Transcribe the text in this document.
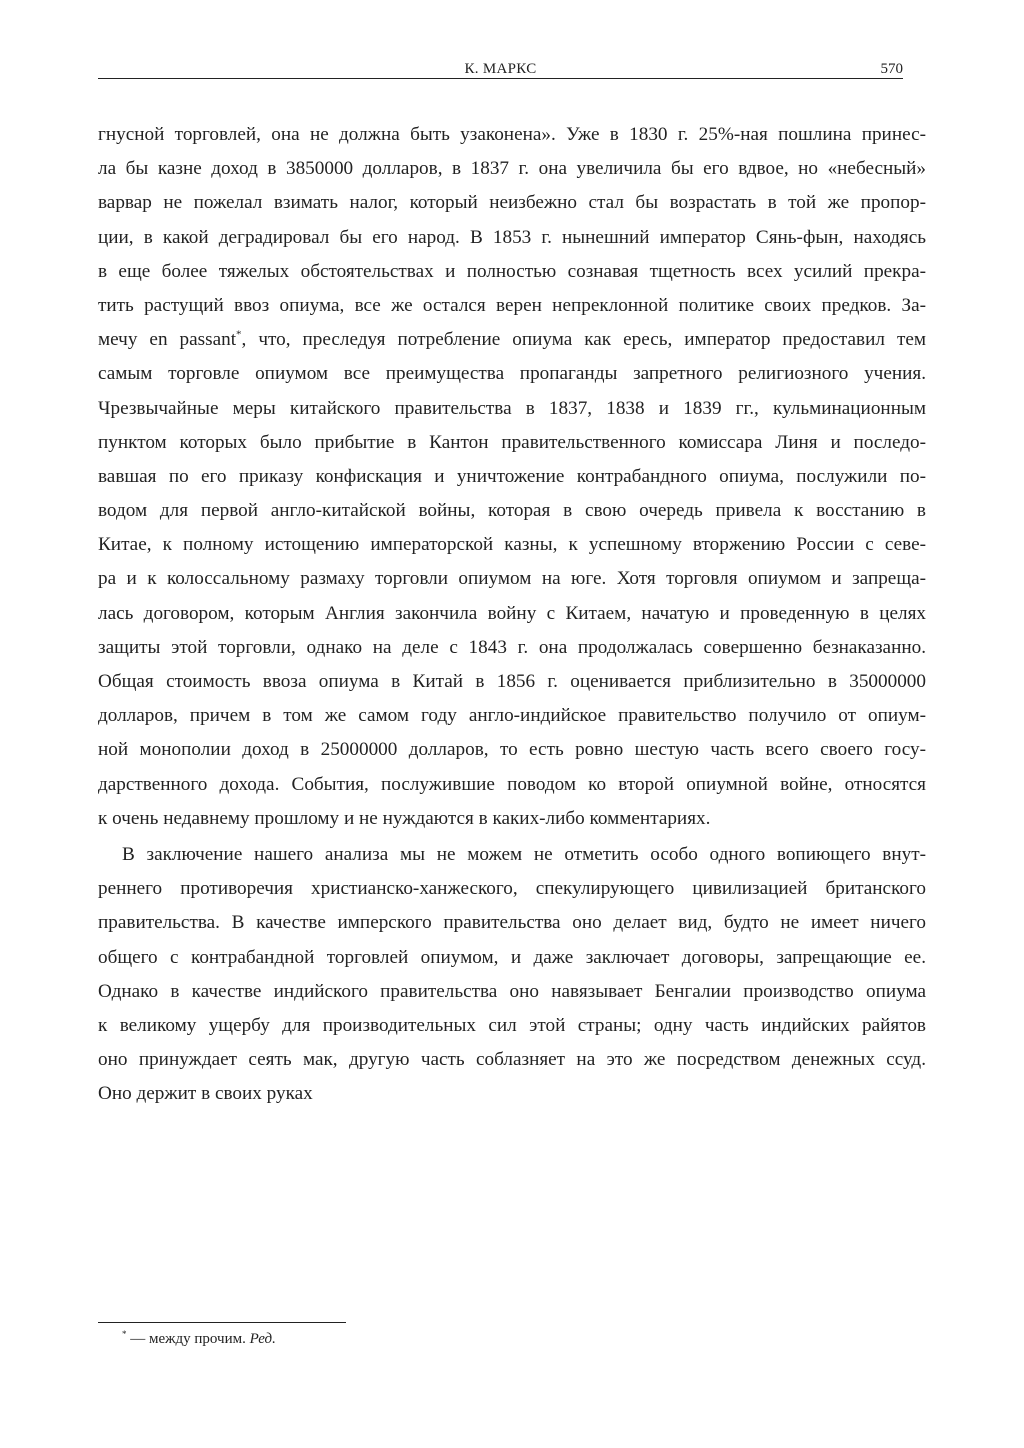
К. МАРКС	570
гнусной торговлей, она не должна быть узаконена». Уже в 1830 г. 25%-ная пошлина принес-
ла бы казне доход в 3850000 долларов, в 1837 г. она увеличила бы его вдвое, но «небесный»
варвар не пожелал взимать налог, который неизбежно стал бы возрастать в той же пропор-
ции, в какой деградировал бы его народ. В 1853 г. нынешний император Сянь-фын, находясь
в еще более тяжелых обстоятельствах и полностью сознавая тщетность всех усилий прекра-
тить растущий ввоз опиума, все же остался верен непреклонной политике своих предков. За-
мечу en passant*, что, преследуя потребление опиума как ересь, император предоставил тем
самым торговле опиумом все преимущества пропаганды запретного религиозного учения.
Чрезвычайные меры китайского правительства в 1837, 1838 и 1839 гг., кульминационным
пунктом которых было прибытие в Кантон правительственного комиссара Линя и последо-
вавшая по его приказу конфискация и уничтожение контрабандного опиума, послужили по-
водом для первой англо-китайской войны, которая в свою очередь привела к восстанию в
Китае, к полному истощению императорской казны, к успешному вторжению России с севе-
ра и к колоссальному размаху торговли опиумом на юге. Хотя торговля опиумом и запреща-
лась договором, которым Англия закончила войну с Китаем, начатую и проведенную в целях
защиты этой торговли, однако на деле с 1843 г. она продолжалась совершенно безнаказанно.
Общая стоимость ввоза опиума в Китай в 1856 г. оценивается приблизительно в 35000000
долларов, причем в том же самом году англо-индийское правительство получило от опиум-
ной монополии доход в 25000000 долларов, то есть ровно шестую часть всего своего госу-
дарственного дохода. События, послужившие поводом ко второй опиумной войне, относятся
к очень недавнему прошлому и не нуждаются в каких-либо комментариях.
В заключение нашего анализа мы не можем не отметить особо одного вопиющего внут-
реннего противоречия христианско-ханжеского, спекулирующего цивилизацией британского
правительства. В качестве имперского правительства оно делает вид, будто не имеет ничего
общего с контрабандной торговлей опиумом, и даже заключает договоры, запрещающие ее.
Однако в качестве индийского правительства оно навязывает Бенгалии производство опиума
к великому ущербу для производительных сил этой страны; одну часть индийских райятов
оно принуждает сеять мак, другую часть соблазняет на это же посредством денежных ссуд.
Оно держит в своих руках
* — между прочим. Ред.
